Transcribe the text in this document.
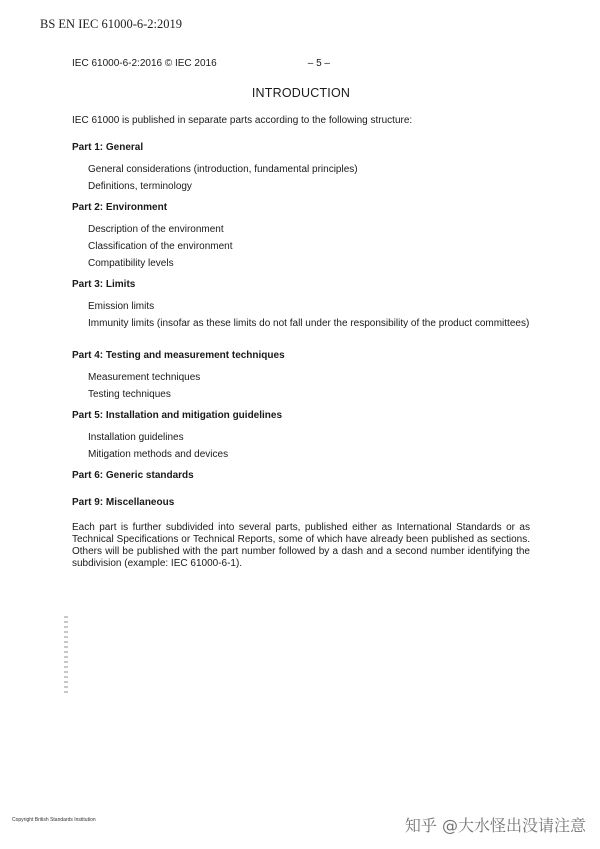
BS EN IEC 61000-6-2:2019
IEC 61000-6-2:2016 © IEC 2016	– 5 –
INTRODUCTION
IEC 61000 is published in separate parts according to the following structure:
Part 1: General
General considerations (introduction, fundamental principles)
Definitions, terminology
Part 2: Environment
Description of the environment
Classification of the environment
Compatibility levels
Part 3: Limits
Emission limits
Immunity limits (insofar as these limits do not fall under the responsibility of the product committees)
Part 4: Testing and measurement techniques
Measurement techniques
Testing techniques
Part 5: Installation and mitigation guidelines
Installation guidelines
Mitigation methods and devices
Part 6: Generic standards
Part 9: Miscellaneous
Each part is further subdivided into several parts, published either as International Standards or as Technical Specifications or Technical Reports, some of which have already been published as sections. Others will be published with the part number followed by a dash and a second number identifying the subdivision (example: IEC 61000-6-1).
Copyright British Standards Institution	知乎 @大水怪出没请注意
